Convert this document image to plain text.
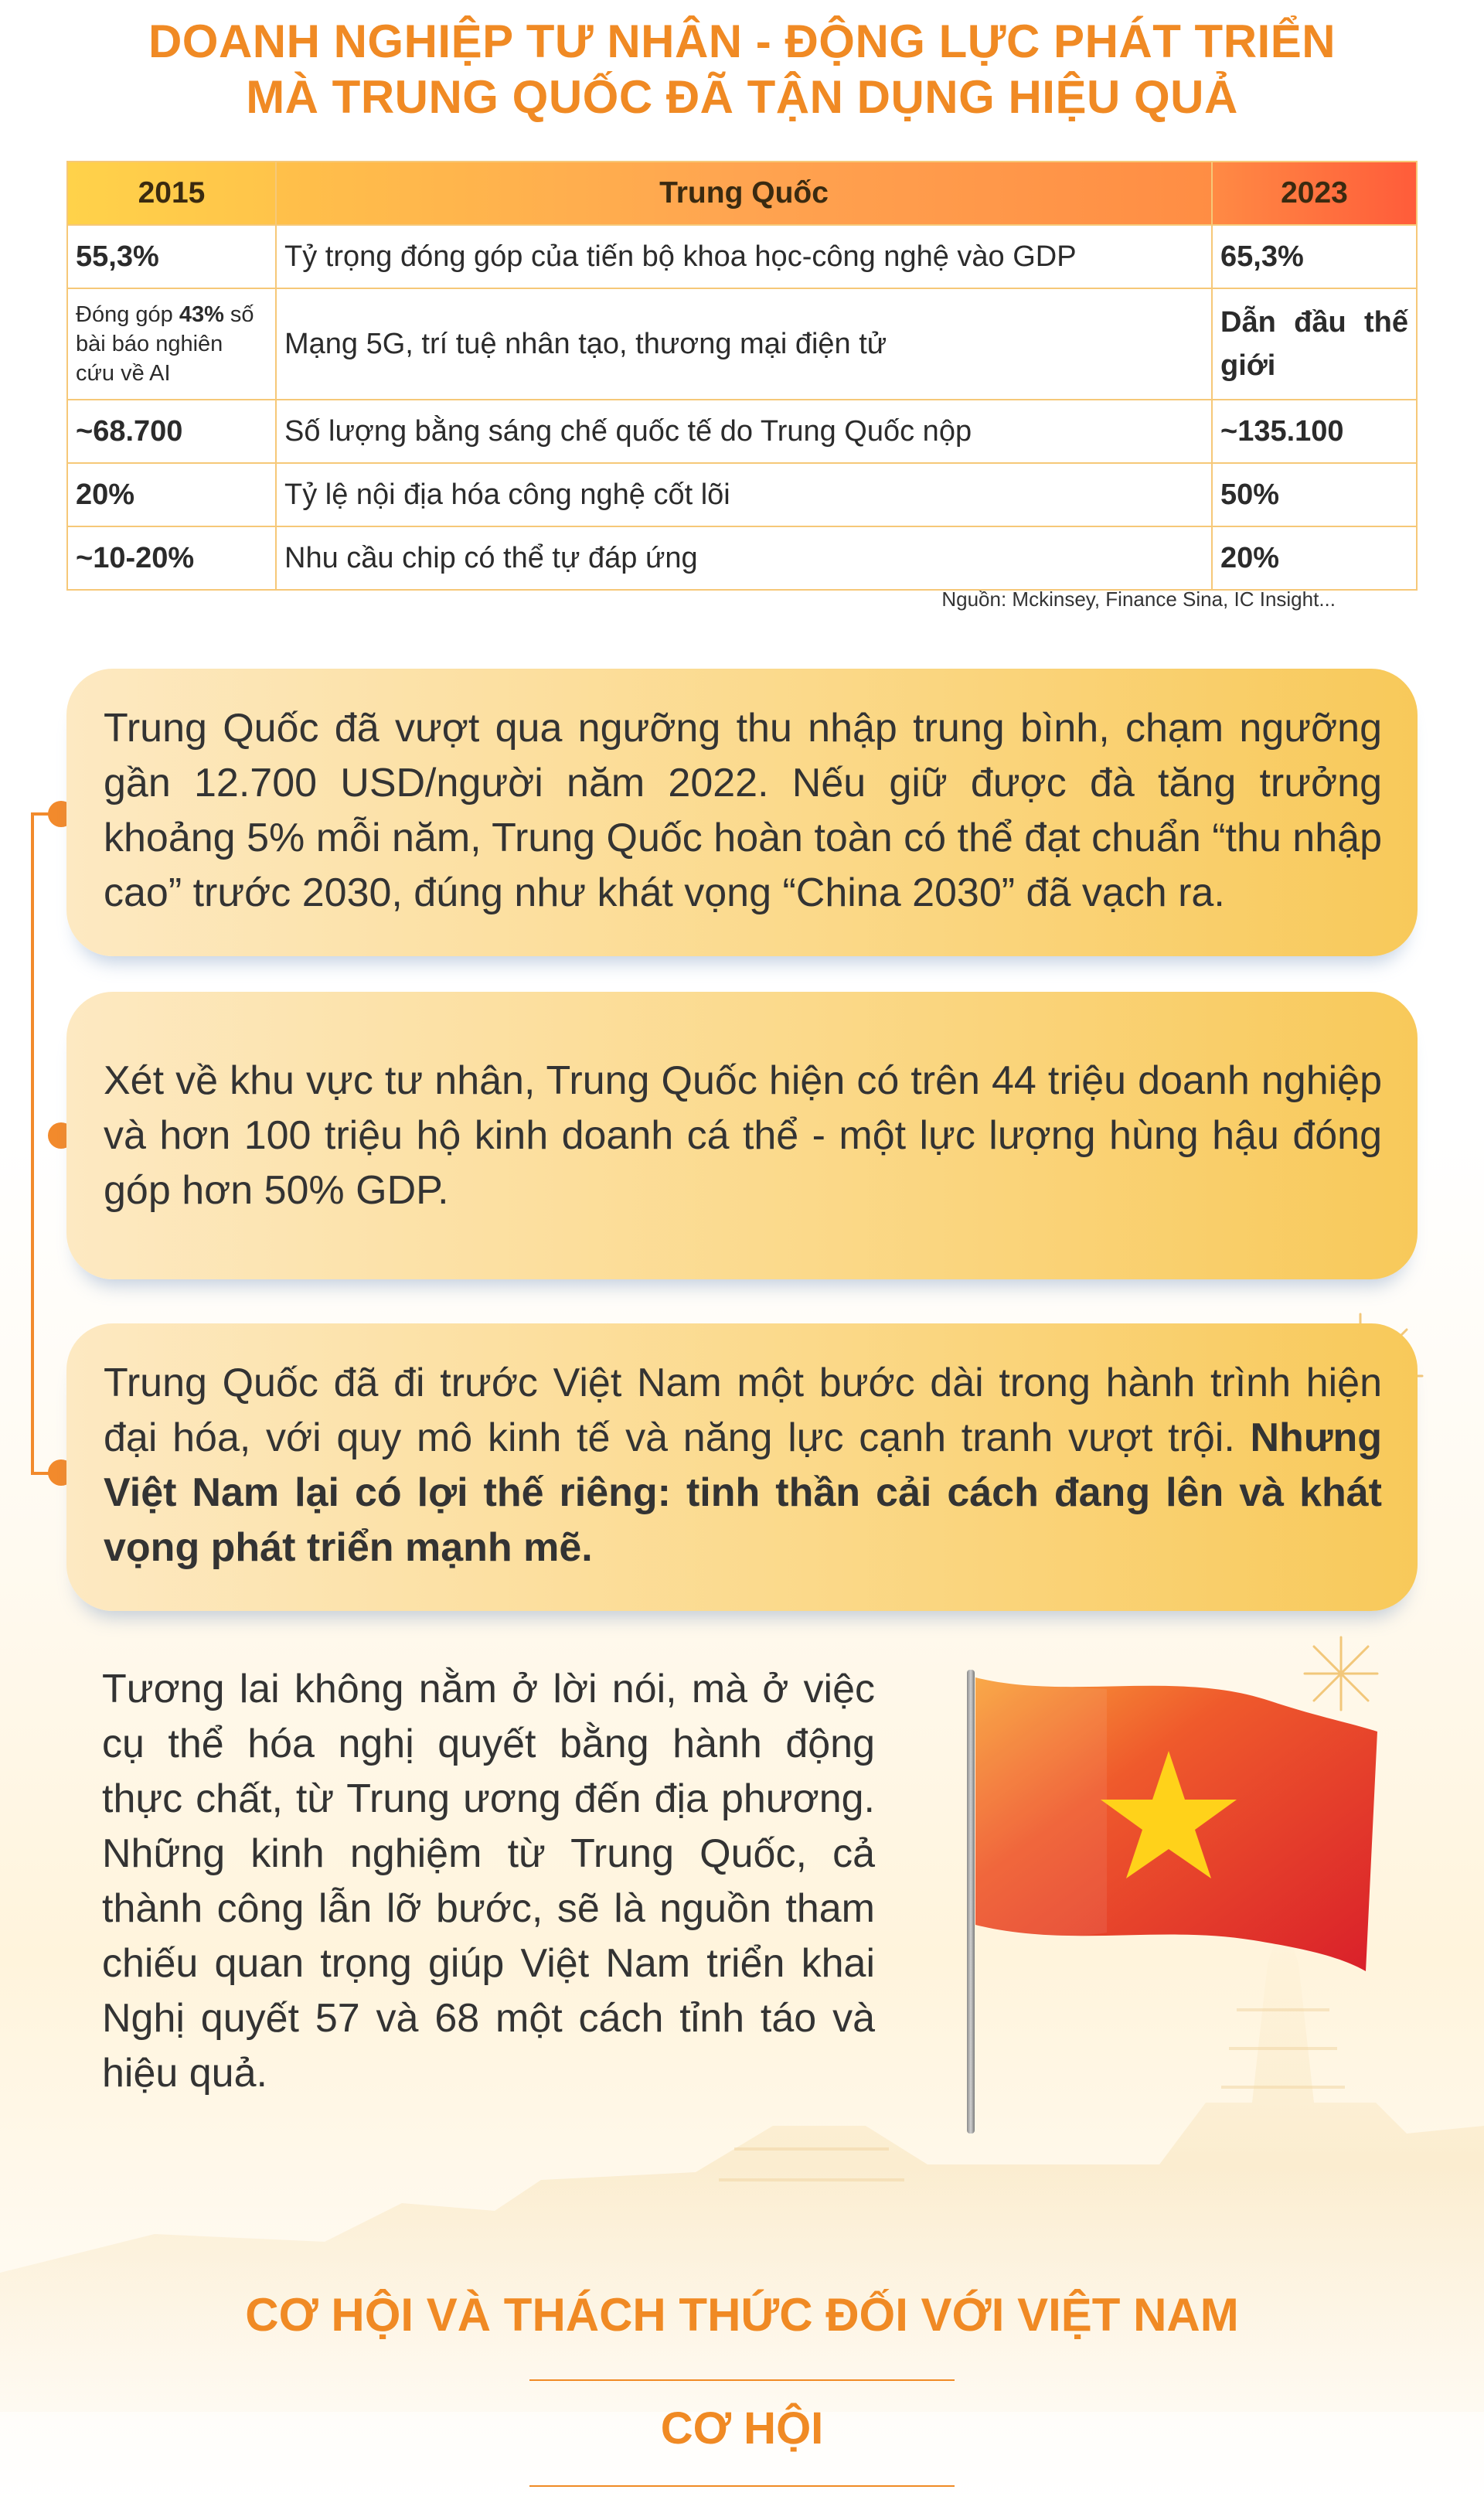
DOANH NGHIỆP TƯ NHÂN - ĐỘNG LỰC PHÁT TRIỂN
MÀ TRUNG QUỐC ĐÃ TẬN DỤNG HIỆU QUẢ
2015	Trung Quốc	2023
55,3%	Tỷ trọng đóng góp của tiến bộ khoa học-công nghệ vào GDP	65,3%
Đóng góp 43% số bài báo nghiên cứu về AI	Mạng 5G, trí tuệ nhân tạo, thương mại điện tử	Dẫn đầu thế giới
~68.700	Số lượng bằng sáng chế quốc tế do Trung Quốc nộp	~135.100
20%	Tỷ lệ nội địa hóa công nghệ cốt lõi	50%
~10-20%	Nhu cầu chip có thể tự đáp ứng	20%
Nguồn: Mckinsey, Finance Sina, IC Insight...
Trung Quốc đã vượt qua ngưỡng thu nhập trung bình, chạm ngưỡng gần 12.700 USD/người năm 2022. Nếu giữ được đà tăng trưởng khoảng 5% mỗi năm, Trung Quốc hoàn toàn có thể đạt chuẩn “thu nhập cao” trước 2030, đúng như khát vọng “China 2030” đã vạch ra.
Xét về khu vực tư nhân, Trung Quốc hiện có trên 44 triệu doanh nghiệp và hơn 100 triệu hộ kinh doanh cá thể - một lực lượng hùng hậu đóng góp hơn 50% GDP.
Trung Quốc đã đi trước Việt Nam một bước dài trong hành trình hiện đại hóa, với quy mô kinh tế và năng lực cạnh tranh vượt trội. Nhưng Việt Nam lại có lợi thế riêng: tinh thần cải cách đang lên và khát vọng phát triển mạnh mẽ.
Tương lai không nằm ở lời nói, mà ở việc cụ thể hóa nghị quyết bằng hành động thực chất, từ Trung ương đến địa phương. Những kinh nghiệm từ Trung Quốc, cả thành công lẫn lỡ bước, sẽ là nguồn tham chiếu quan trọng giúp Việt Nam triển khai Nghị quyết 57 và 68 một cách tỉnh táo và hiệu quả.
CƠ HỘI VÀ THÁCH THỨC ĐỐI VỚI VIỆT NAM
CƠ HỘI
